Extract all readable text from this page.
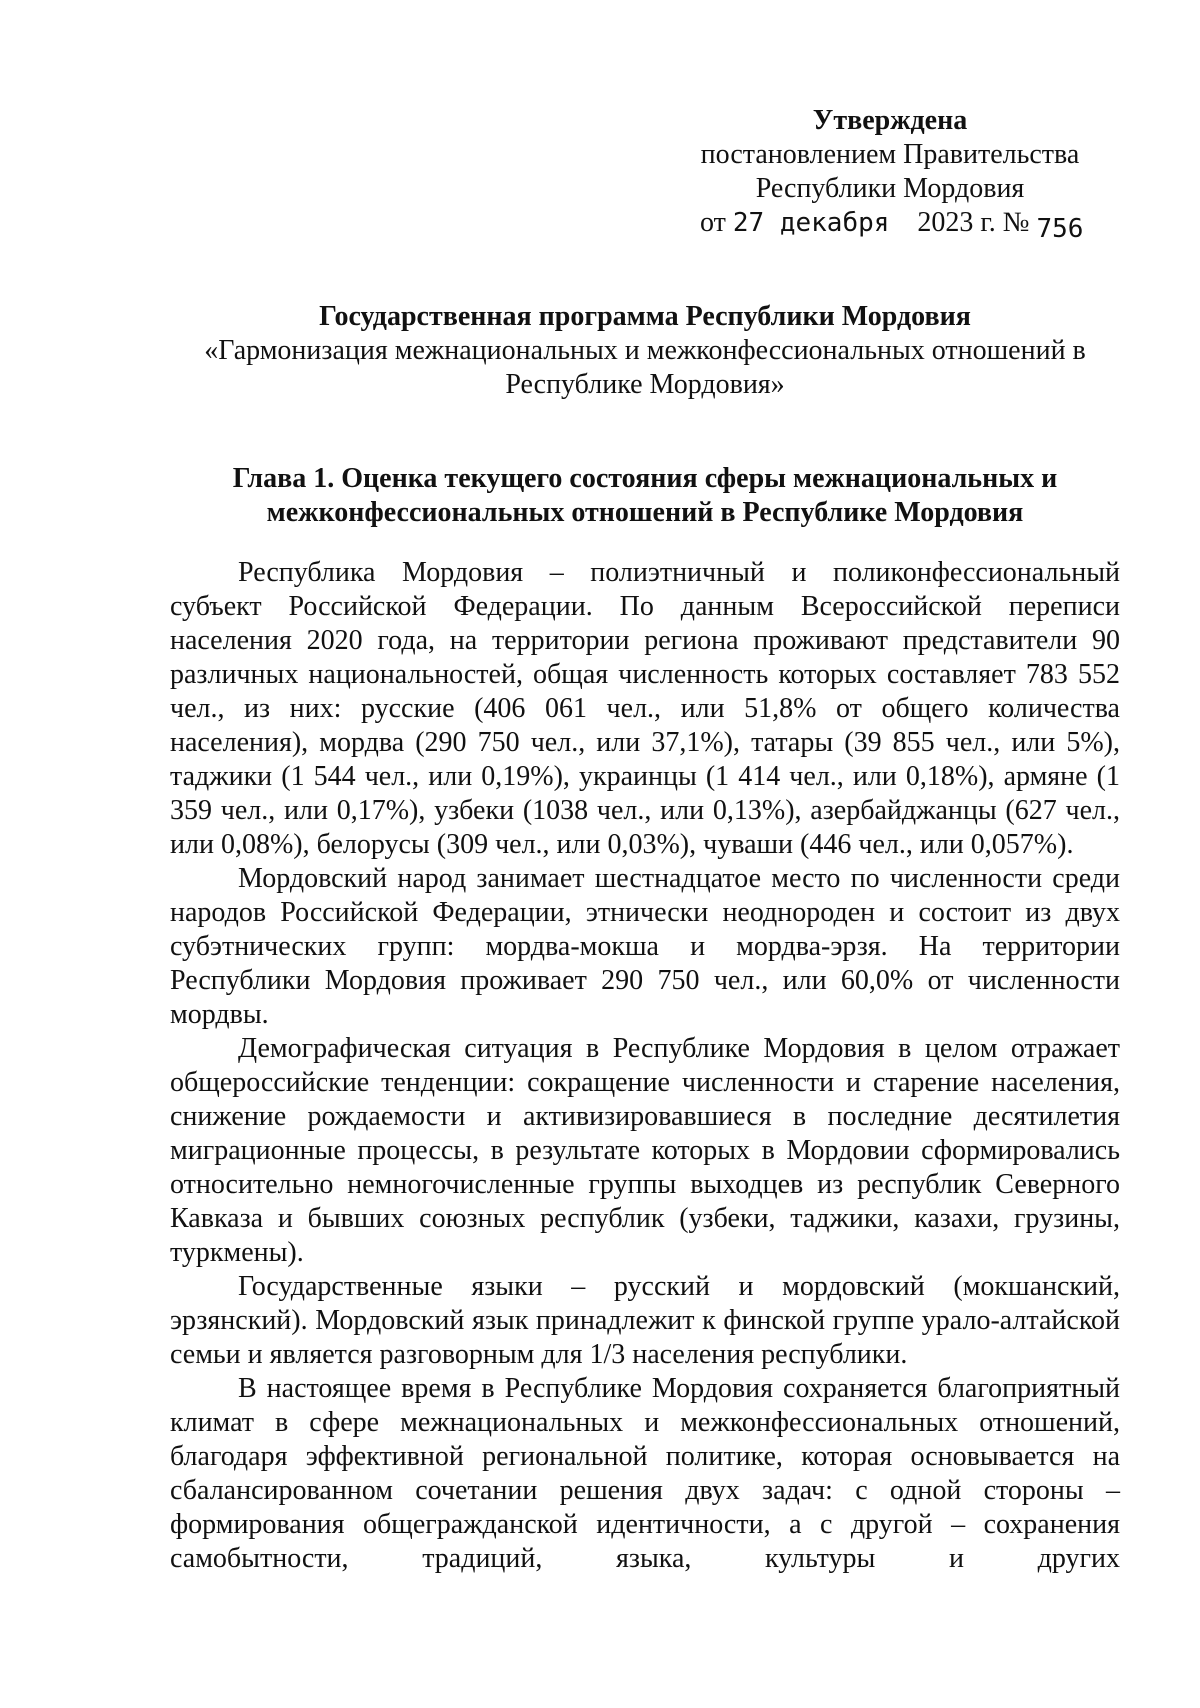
Утверждена
постановлением Правительства
Республики Мордовия
от 27 декабря 2023 г. № 756
Государственная программа Республики Мордовия
«Гармонизация межнациональных и межконфессиональных отношений в Республике Мордовия»
Глава 1. Оценка текущего состояния сферы межнациональных и межконфессиональных отношений в Республике Мордовия

Республика Мордовия – полиэтничный и поликонфессиональный субъект Российской Федерации. По данным Всероссийской переписи населения 2020 года, на территории региона проживают представители 90 различных национальностей, общая численность которых составляет 783 552 чел., из них: русские (406 061 чел., или 51,8% от общего количества населения), мордва (290 750 чел., или 37,1%), татары (39 855 чел., или 5%), таджики (1 544 чел., или 0,19%), украинцы (1 414 чел., или 0,18%), армяне (1 359 чел., или 0,17%), узбеки (1038 чел., или 0,13%), азербайджанцы (627 чел., или 0,08%), белорусы (309 чел., или 0,03%), чуваши (446 чел., или 0,057%).

Мордовский народ занимает шестнадцатое место по численности среди народов Российской Федерации, этнически неоднороден и состоит из двух субэтнических групп: мордва-мокша и мордва-эрзя. На территории Республики Мордовия проживает 290 750 чел., или 60,0% от численности мордвы.

Демографическая ситуация в Республике Мордовия в целом отражает общероссийские тенденции: сокращение численности и старение населения, снижение рождаемости и активизировавшиеся в последние десятилетия миграционные процессы, в результате которых в Мордовии сформировались относительно немногочисленные группы выходцев из республик Северного Кавказа и бывших союзных республик (узбеки, таджики, казахи, грузины, туркмены).

Государственные языки – русский и мордовский (мокшанский, эрзянский). Мордовский язык принадлежит к финской группе урало-алтайской семьи и является разговорным для 1/3 населения республики.

В настоящее время в Республике Мордовия сохраняется благоприятный климат в сфере межнациональных и межконфессиональных отношений, благодаря эффективной региональной политике, которая основывается на сбалансированном сочетании решения двух задач: с одной стороны – формирования общегражданской идентичности, а с другой – сохранения самобытности, традиций, языка, культуры и других
